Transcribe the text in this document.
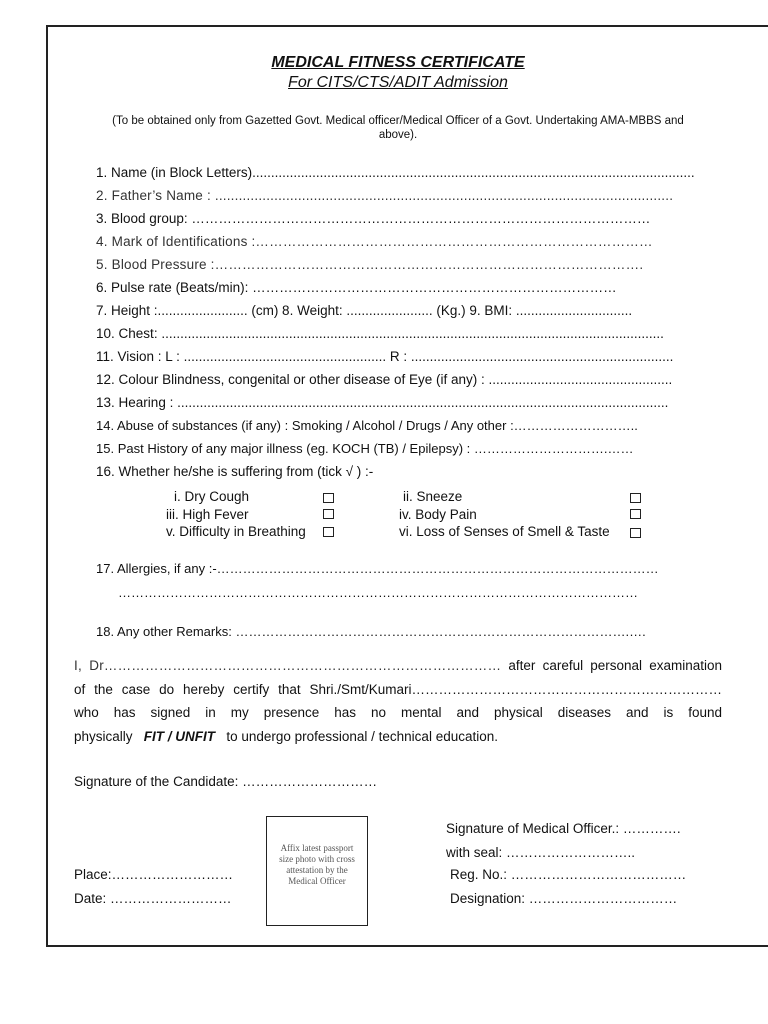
MEDICAL FITNESS CERTIFICATE
For CITS/CTS/ADIT Admission
(To be obtained only from Gazetted Govt. Medical officer/Medical Officer of a Govt. Undertaking AMA-MBBS and above).
1. Name (in Block Letters)......................................................................................................................
2. Father’s Name : ....................................................................................................................
3. Blood group: …………………………………………………………………………………………
4. Mark of Identifications :……………………………………………………………………………
5. Blood Pressure :………………………………………………………………………………….
6. Pulse rate (Beats/min): ………………………………………………………………………
7. Height :........................ (cm) 8. Weight: ....................... (Kg.) 9. BMI: ...............................
10. Chest: ......................................................................................................................................
11. Vision : L : ...................................................... R : ......................................................................
12. Colour Blindness, congenital or other disease of Eye (if any) : .................................................
13. Hearing : ...................................................................................................................................
14. Abuse of substances (if any) : Smoking / Alcohol / Drugs / Any other :………………………..
15. Past History of any major illness (eg. KOCH (TB) / Epilepsy) : ………………………….……
16. Whether he/she is suffering from (tick √ ) :-
i. Dry Cough
iii. High Fever
v. Difficulty in Breathing
ii. Sneeze
iv. Body Pain
vi. Loss of Senses of Smell & Taste
17. Allergies, if any :-…………………………………………………………………………………………
…………………………………………………………………………………………………………
18. Any other Remarks: ……………………………………………………………………………….….
I, Dr…………………………………………………………………………… after careful personal examination
of the case do hereby certify that Shri./Smt/Kumari……………………………………………………………
who has signed in my presence has no mental and physical diseases and is found
physically FIT / UNFIT to undergo professional / technical education.
Signature of the Candidate: …………………………
Affix latest passport size photo with cross attestation by the Medical Officer
Signature of Medical Officer.: ………….
with seal: ………………………..
Reg. No.: …………………………………
Designation: ……………………………
Place:………………………
Date: ………………………
